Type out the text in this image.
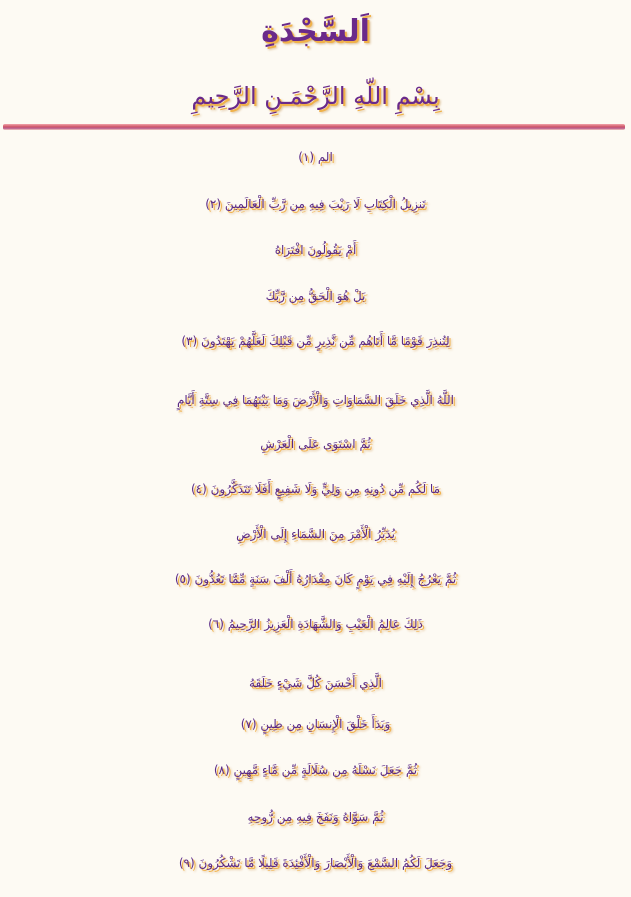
اَلسَّجْدَةِ
بِسْمِ اللّهِ الرَّحْمَـنِ الرَّحِيمِ
الم (١)
تَنزِيلُ الْكِتَابِ لَا رَيْبَ فِيهِ مِن رَّبِّ الْعَالَمِينَ (٢)
أَمْ يَقُولُونَ افْتَرَاهُ
بَلْ هُوَ الْحَقُّ مِن رَّبِّكَ
لِتُنذِرَ قَوْمًا مَّا أَتَاهُم مِّن نَّذِيرٍ مِّن قَبْلِكَ لَعَلَّهُمْ يَهْتَدُونَ (٣)
اللَّهُ الَّذِي خَلَقَ السَّمَاوَاتِ وَالْأَرْضَ وَمَا بَيْنَهُمَا فِي سِتَّةِ أَيَّامٍ
ثُمَّ اسْتَوَى عَلَى الْعَرْشِ
مَا لَكُم مِّن دُونِهِ مِن وَلِيٍّ وَلَا شَفِيعٍ أَفَلَا تَتَذَكَّرُونَ (٤)
يُدَبِّرُ الْأَمْرَ مِنَ السَّمَاءِ إِلَى الْأَرْضِ
ثُمَّ يَعْرُجُ إِلَيْهِ فِي يَوْمٍ كَانَ مِقْدَارُهُ أَلْفَ سَنَةٍ مِّمَّا تَعُدُّونَ (٥)
ذَلِكَ عَالِمُ الْغَيْبِ وَالشَّهَادَةِ الْعَزِيزُ الرَّحِيمُ (٦)
الَّذِي أَحْسَنَ كُلَّ شَيْءٍ خَلَقَهُ
وَبَدَأَ خَلْقَ الْإِنسَانِ مِن طِينٍ (٧)
ثُمَّ جَعَلَ نَسْلَهُ مِن سُلَالَةٍ مِّن مَّاءٍ مَّهِينٍ (٨)
ثُمَّ سَوَّاهُ وَنَفَخَ فِيهِ مِن رُّوحِهِ
وَجَعَلَ لَكُمُ السَّمْعَ وَالْأَبْصَارَ وَالْأَفْئِدَةَ قَلِيلًا مَّا تَشْكُرُونَ (٩)
